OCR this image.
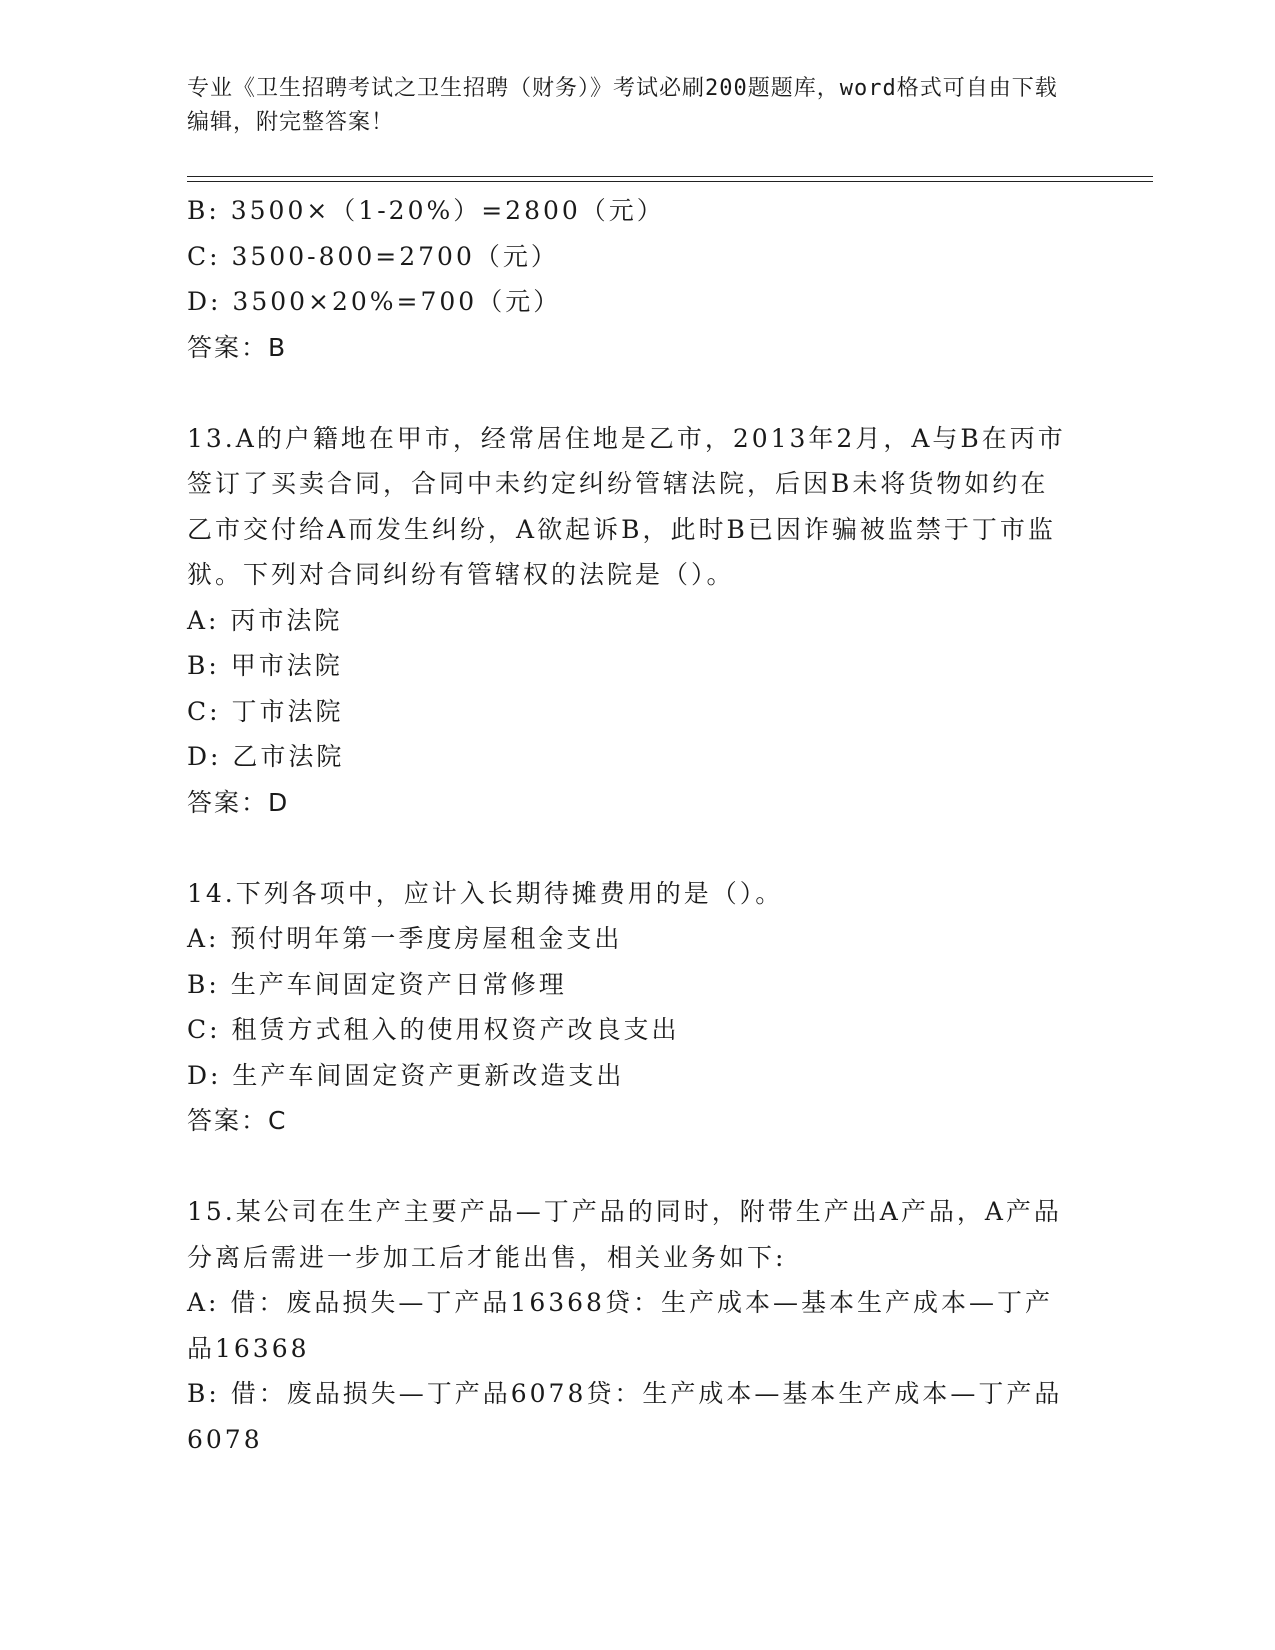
专业《卫生招聘考试之卫生招聘（财务）》考试必刷200题题库，word格式可自由下载编辑，附完整答案！
B: 3500×（1-20%）=2800（元）
C: 3500-800=2700（元）
D: 3500×20%=700（元）
答案：B
13.A的户籍地在甲市，经常居住地是乙市，2013年2月，A与B在丙市签订了买卖合同，合同中未约定纠纷管辖法院，后因B未将货物如约在乙市交付给A而发生纠纷，A欲起诉B，此时B已因诈骗被监禁于丁市监狱。下列对合同纠纷有管辖权的法院是（）。
A: 丙市法院
B: 甲市法院
C: 丁市法院
D: 乙市法院
答案：D
14.下列各项中，应计入长期待摊费用的是（）。
A: 预付明年第一季度房屋租金支出
B: 生产车间固定资产日常修理
C: 租赁方式租入的使用权资产改良支出
D: 生产车间固定资产更新改造支出
答案：C
15.某公司在生产主要产品—丁产品的同时，附带生产出A产品，A产品分离后需进一步加工后才能出售，相关业务如下:
A: 借：废品损失—丁产品16368贷：生产成本—基本生产成本—丁产品16368
B: 借：废品损失—丁产品6078贷：生产成本—基本生产成本—丁产品6078
